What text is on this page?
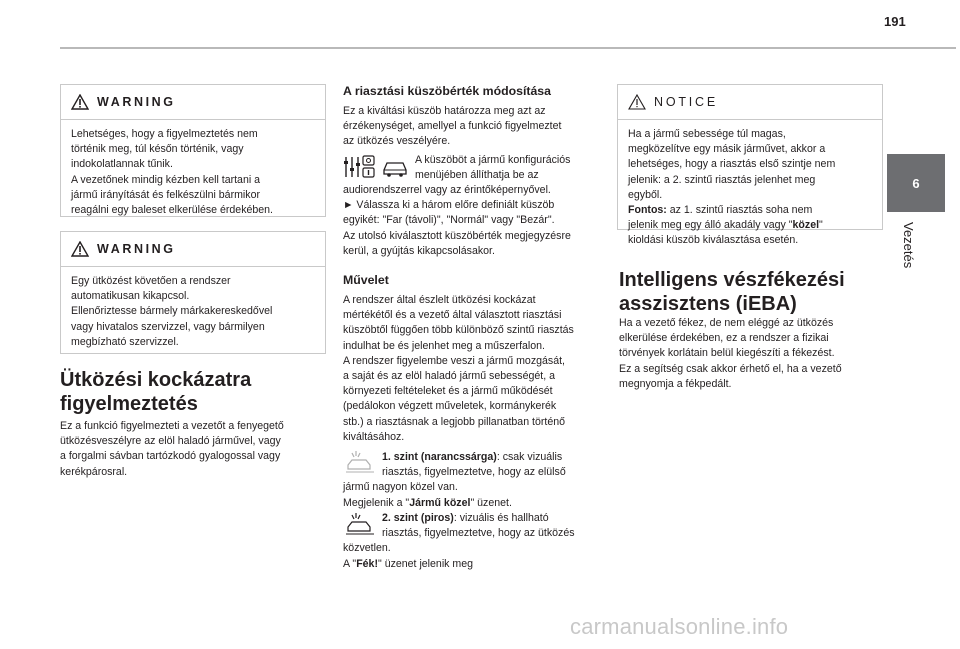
191
6
Vezetés
WARNING
Lehetséges, hogy a figyelmeztetés nem
történik meg, túl későn történik, vagy
indokolatlannak tűnik.
A vezetőnek mindig kézben kell tartani a
jármű irányítását és felkészülni bármikor
reagálni egy baleset elkerülése érdekében.
WARNING
Egy ütközést követően a rendszer
automatikusan kikapcsol.
Ellenőriztesse bármely márkakereskedővel
vagy hivatalos szervizzel, vagy bármilyen
megbízható szervizzel.
Ütközési kockázatra
figyelmeztetés
Ez a funkció figyelmezteti a vezetőt a fenyegető
ütközésveszélyre az elöl haladó járművel, vagy
a forgalmi sávban tartózkodó gyalogossal vagy
kerékpárosral.
A riasztási küszöbérték módosítása
Ez a kiváltási küszöb határozza meg azt az
érzékenységet, amellyel a funkció figyelmeztet
az ütközés veszélyére.
A küszöböt a jármű konfigurációs
menüjében állíthatja be az
audiorendszerrel vagy az érintőképernyővel.
► Válassza ki a három előre definiált küszöb
egyikét: "Far (távoli)", "Normál" vagy "Bezár".
Az utolsó kiválasztott küszöbérték megjegyzésre
kerül, a gyújtás kikapcsolásakor.
Művelet
A rendszer által észlelt ütközési kockázat
mértékétől és a vezető által választott riasztási
küszöbtől függően több különböző szintű riasztás
indulhat be és jelenhet meg a műszerfalon.
A rendszer figyelembe veszi a jármű mozgását,
a saját és az elöl haladó jármű sebességét, a
környezeti feltételeket és a jármű működését
(pedálokon végzett műveletek, kormánykerék
stb.) a riasztásnak a legjobb pillanatban történő
kiváltásához.
1. szint (narancssárga): csak vizuális
riasztás, figyelmeztetve, hogy az elülső
jármű nagyon közel van.
Megjelenik a "Jármű közel" üzenet.
2. szint (piros): vizuális és hallható
riasztás, figyelmeztetve, hogy az ütközés
közvetlen.
A "Fék!" üzenet jelenik meg
NOTICE
Ha a jármű sebessége túl magas,
megközelítve egy másik járművet, akkor a
lehetséges, hogy a riasztás első szintje nem
jelenik: a 2. szintű riasztás jelenhet meg
egyből.
Fontos: az 1. szintű riasztás soha nem
jelenik meg egy álló akadály vagy "közel"
kioldási küszöb kiválasztása esetén.
Intelligens vészfékezési
asszisztens (iEBA)
Ha a vezető fékez, de nem eléggé az ütközés
elkerülése érdekében, ez a rendszer a fizikai
törvények korlátain belül kiegészíti a fékezést.
Ez a segítség csak akkor érhető el, ha a vezető
megnyomja a fékpedált.
carmanualsonline.info
